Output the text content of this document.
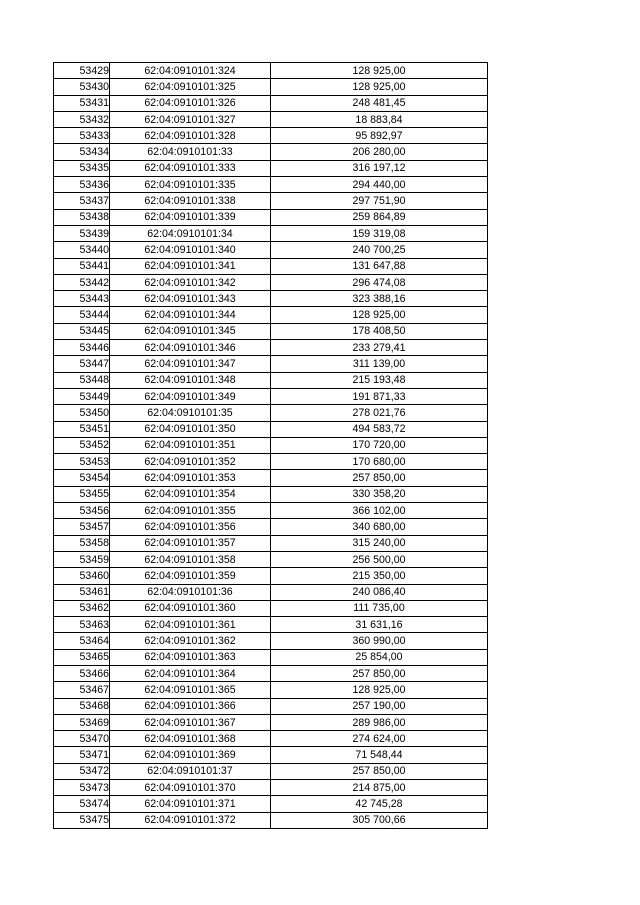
53429	62:04:0910101:324	128 925,00
53430	62:04:0910101:325	128 925,00
53431	62:04:0910101:326	248 481,45
53432	62:04:0910101:327	18 883,84
53433	62:04:0910101:328	95 892,97
53434	62:04:0910101:33	206 280,00
53435	62:04:0910101:333	316 197,12
53436	62:04:0910101:335	294 440,00
53437	62:04:0910101:338	297 751,90
53438	62:04:0910101:339	259 864,89
53439	62:04:0910101:34	159 319,08
53440	62:04:0910101:340	240 700,25
53441	62:04:0910101:341	131 647,88
53442	62:04:0910101:342	296 474,08
53443	62:04:0910101:343	323 388,16
53444	62:04:0910101:344	128 925,00
53445	62:04:0910101:345	178 408,50
53446	62:04:0910101:346	233 279,41
53447	62:04:0910101:347	311 139,00
53448	62:04:0910101:348	215 193,48
53449	62:04:0910101:349	191 871,33
53450	62:04:0910101:35	278 021,76
53451	62:04:0910101:350	494 583,72
53452	62:04:0910101:351	170 720,00
53453	62:04:0910101:352	170 680,00
53454	62:04:0910101:353	257 850,00
53455	62:04:0910101:354	330 358,20
53456	62:04:0910101:355	366 102,00
53457	62:04:0910101:356	340 680,00
53458	62:04:0910101:357	315 240,00
53459	62:04:0910101:358	256 500,00
53460	62:04:0910101:359	215 350,00
53461	62:04:0910101:36	240 086,40
53462	62:04:0910101:360	111 735,00
53463	62:04:0910101:361	31 631,16
53464	62:04:0910101:362	360 990,00
53465	62:04:0910101:363	25 854,00
53466	62:04:0910101:364	257 850,00
53467	62:04:0910101:365	128 925,00
53468	62:04:0910101:366	257 190,00
53469	62:04:0910101:367	289 986,00
53470	62:04:0910101:368	274 624,00
53471	62:04:0910101:369	71 548,44
53472	62:04:0910101:37	257 850,00
53473	62:04:0910101:370	214 875,00
53474	62:04:0910101:371	42 745,28
53475	62:04:0910101:372	305 700,66
